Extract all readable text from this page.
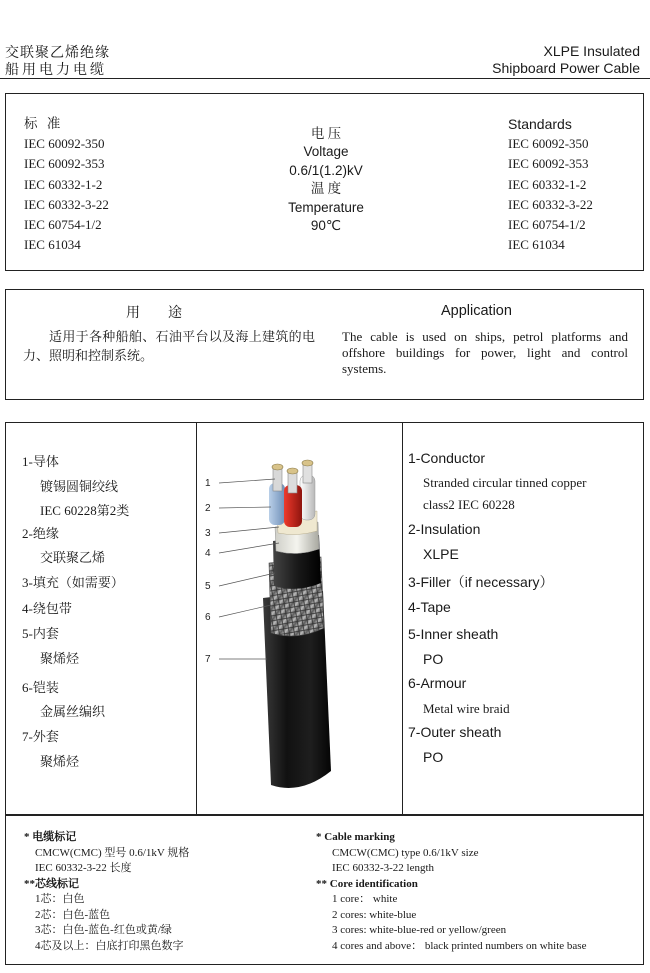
交联聚乙烯绝缘
船用电力电缆
XLPE Insulated
Shipboard Power Cable
标 准
IEC 60092-350
IEC 60092-353
IEC 60332-1-2
IEC 60332-3-22
IEC 60754-1/2
IEC 61034
电 压
Voltage
0.6/1(1.2)kV
温 度
Temperature
90℃
Standards
IEC 60092-350
IEC 60092-353
IEC 60332-1-2
IEC 60332-3-22
IEC 60754-1/2
IEC 61034
用途	Application
适用于各种船舶、石油平台以及海上建筑的电力、照明和控制系统。
The cable is used on ships, petrol platforms and offshore buildings for power, light and control systems.
1-导体
镀锡圆铜绞线
IEC 60228第2类
2-绝缘
交联聚乙烯
3-填充（如需要）
4-绕包带
5-内套
聚烯烃
6-铠装
金属丝编织
7-外套
聚烯烃
1
2
3
4
5
6
7
1-Conductor
Stranded circular tinned copper
class2 IEC 60228
2-Insulation
XLPE
3-Filler（if necessary）
4-Tape
5-Inner sheath
PO
6-Armour
Metal wire braid
7-Outer sheath
PO
* 电缆标记
CMCW(CMC) 型号 0.6/1kV 规格
IEC 60332-3-22 长度
**芯线标记
1芯：白色
2芯：白色-蓝色
3芯：白色-蓝色-红色或黄/绿
4芯及以上：白底打印黑色数字
* Cable marking
CMCW(CMC) type 0.6/1kV size
IEC 60332-3-22 length
** Core identification
1 core： white
2 cores: white-blue
3 cores: white-blue-red or yellow/green
4 cores and above： black printed numbers on white base
